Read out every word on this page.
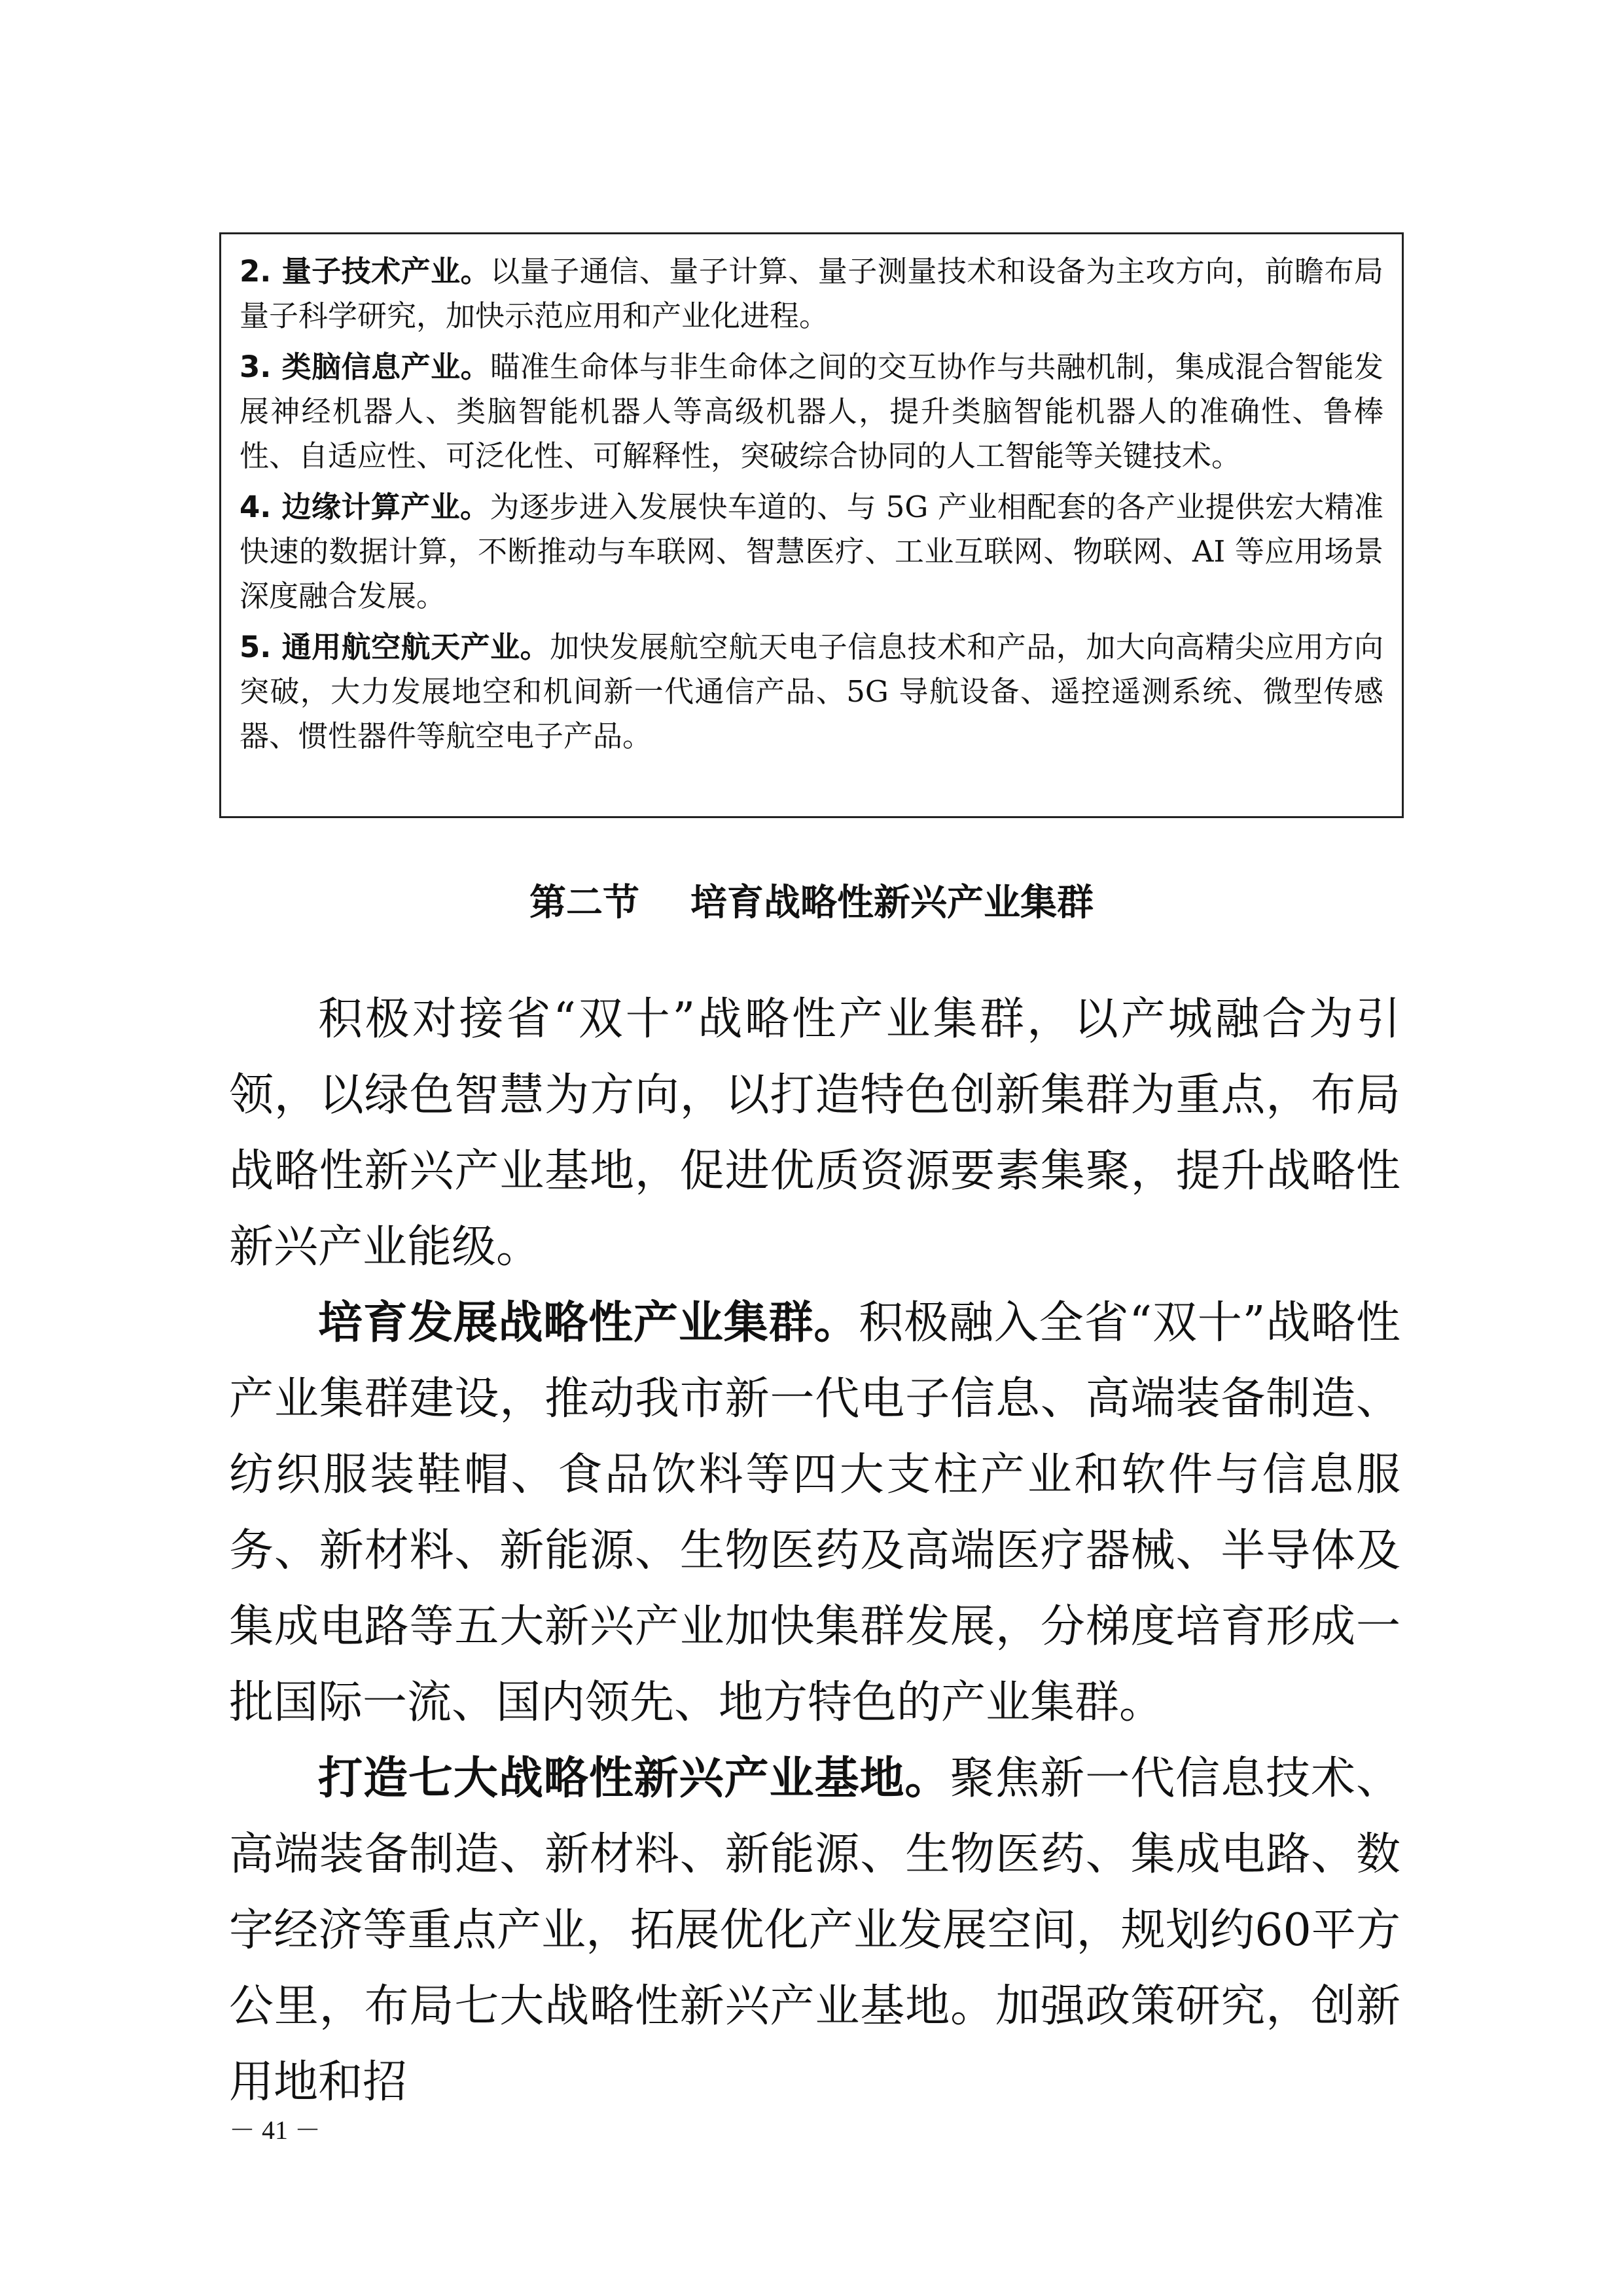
2. 量子技术产业。以量子通信、量子计算、量子测量技术和设备为主攻方向，前瞻布局量子科学研究，加快示范应用和产业化进程。

3. 类脑信息产业。瞄准生命体与非生命体之间的交互协作与共融机制，集成混合智能发展神经机器人、类脑智能机器人等高级机器人，提升类脑智能机器人的准确性、鲁棒性、自适应性、可泛化性、可解释性，突破综合协同的人工智能等关键技术。

4. 边缘计算产业。为逐步进入发展快车道的、与 5G 产业相配套的各产业提供宏大精准快速的数据计算，不断推动与车联网、智慧医疗、工业互联网、物联网、AI 等应用场景深度融合发展。

5. 通用航空航天产业。加快发展航空航天电子信息技术和产品，加大向高精尖应用方向突破，大力发展地空和机间新一代通信产品、5G 导航设备、遥控遥测系统、微型传感器、惯性器件等航空电子产品。

第二节    培育战略性新兴产业集群

积极对接省“双十”战略性产业集群，以产城融合为引领，以绿色智慧为方向，以打造特色创新集群为重点，布局战略性新兴产业基地，促进优质资源要素集聚，提升战略性新兴产业能级。

培育发展战略性产业集群。积极融入全省“双十”战略性产业集群建设，推动我市新一代电子信息、高端装备制造、纺织服装鞋帽、食品饮料等四大支柱产业和软件与信息服务、新材料、新能源、生物医药及高端医疗器械、半导体及集成电路等五大新兴产业加快集群发展，分梯度培育形成一批国际一流、国内领先、地方特色的产业集群。

打造七大战略性新兴产业基地。聚焦新一代信息技术、高端装备制造、新材料、新能源、生物医药、集成电路、数字经济等重点产业，拓展优化产业发展空间，规划约60平方公里，布局七大战略性新兴产业基地。加强政策研究，创新用地和招

－ 41 －
